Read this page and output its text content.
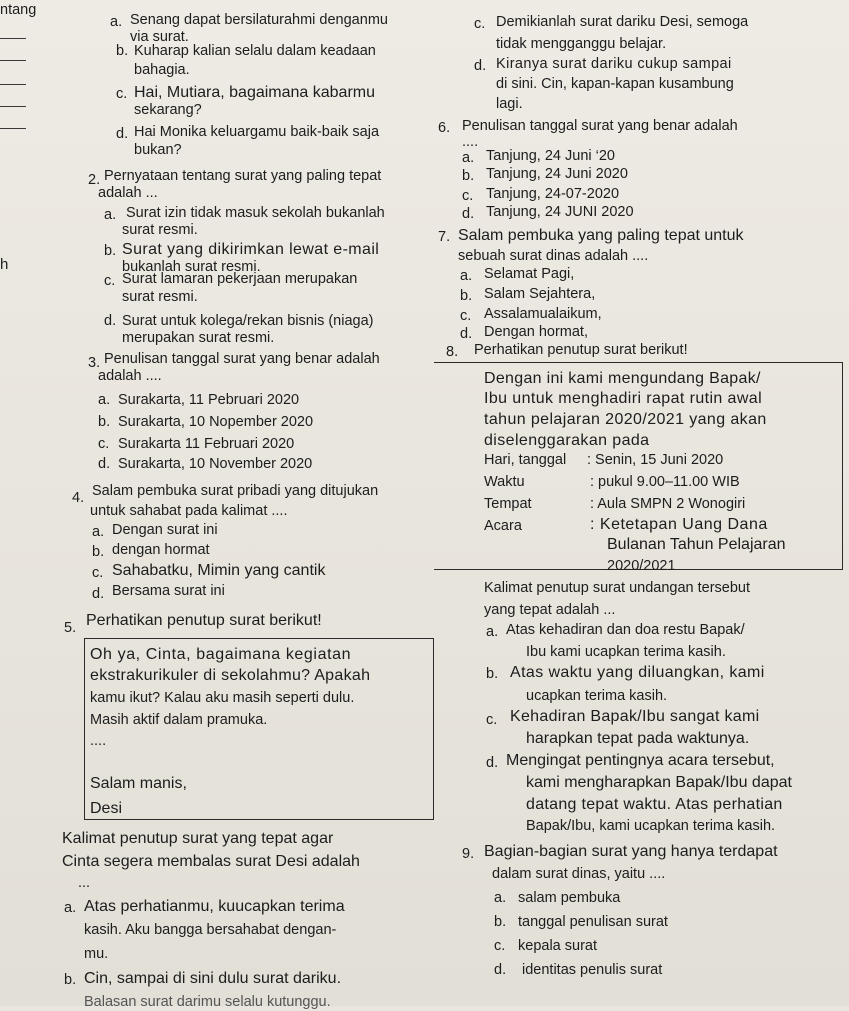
ntang
h
a. Senang dapat bersilaturahmi denganmu
via surat.
b. Kuharap kalian selalu dalam keadaan
bahagia.
c. Hai, Mutiara, bagaimana kabarmu
sekarang?
d. Hai Monika keluargamu baik-baik saja
bukan?
2. Pernyataan tentang surat yang paling tepat
adalah ...
a. Surat izin tidak masuk sekolah bukanlah
surat resmi.
b. Surat yang dikirimkan lewat e-mail
bukanlah surat resmi.
c. Surat lamaran pekerjaan merupakan
surat resmi.
d. Surat untuk kolega/rekan bisnis (niaga)
merupakan surat resmi.
3. Penulisan tanggal surat yang benar adalah
adalah ....
a. Surakarta, 11 Pebruari 2020
b. Surakarta, 10 Nopember 2020
c. Surakarta 11 Februari 2020
d. Surakarta, 10 November 2020
4. Salam pembuka surat pribadi yang ditujukan
untuk sahabat pada kalimat ....
a. Dengan surat ini
b. dengan hormat
c. Sahabatku, Mimin yang cantik
d. Bersama surat ini
5. Perhatikan penutup surat berikut!
Oh ya, Cinta, bagaimana kegiatan
ekstrakurikuler di sekolahmu? Apakah
kamu ikut? Kalau aku masih seperti dulu.
Masih aktif dalam pramuka.
....
Salam manis,
Desi
Kalimat penutup surat yang tepat agar
Cinta segera membalas surat Desi adalah
...
a. Atas perhatianmu, kuucapkan terima
kasih. Aku bangga bersahabat dengan-
mu.
b. Cin, sampai di sini dulu surat dariku.
Balasan surat darimu selalu kutunggu.
c. Demikianlah surat dariku Desi, semoga
tidak mengganggu belajar.
d. Kiranya surat dariku cukup sampai
di sini. Cin, kapan-kapan kusambung
lagi.
6. Penulisan tanggal surat yang benar adalah
....
a. Tanjung, 24 Juni ‘20
b. Tanjung, 24 Juni 2020
c. Tanjung, 24-07-2020
d. Tanjung, 24 JUNI 2020
7. Salam pembuka yang paling tepat untuk
sebuah surat dinas adalah ....
a. Selamat Pagi,
b. Salam Sejahtera,
c. Assalamualaikum,
d. Dengan hormat,
8. Perhatikan penutup surat berikut!
Dengan ini kami mengundang Bapak/
Ibu untuk menghadiri rapat rutin awal
tahun pelajaran 2020/2021 yang akan
diselenggarakan pada
Hari, tanggal : Senin, 15 Juni 2020
Waktu	: pukul 9.00–11.00 WIB
Tempat	: Aula SMPN 2 Wonogiri
Acara	: Ketetapan Uang Dana
Bulanan Tahun Pelajaran
2020/2021
Kalimat penutup surat undangan tersebut
yang tepat adalah ...
a. Atas kehadiran dan doa restu Bapak/
Ibu kami ucapkan terima kasih.
b. Atas waktu yang diluangkan, kami
ucapkan terima kasih.
c. Kehadiran Bapak/Ibu sangat kami
harapkan tepat pada waktunya.
d. Mengingat pentingnya acara tersebut,
kami mengharapkan Bapak/Ibu dapat
datang tepat waktu. Atas perhatian
Bapak/Ibu, kami ucapkan terima kasih.
9. Bagian-bagian surat yang hanya terdapat
dalam surat dinas, yaitu ....
a. salam pembuka
b. tanggal penulisan surat
c. kepala surat
d. identitas penulis surat
